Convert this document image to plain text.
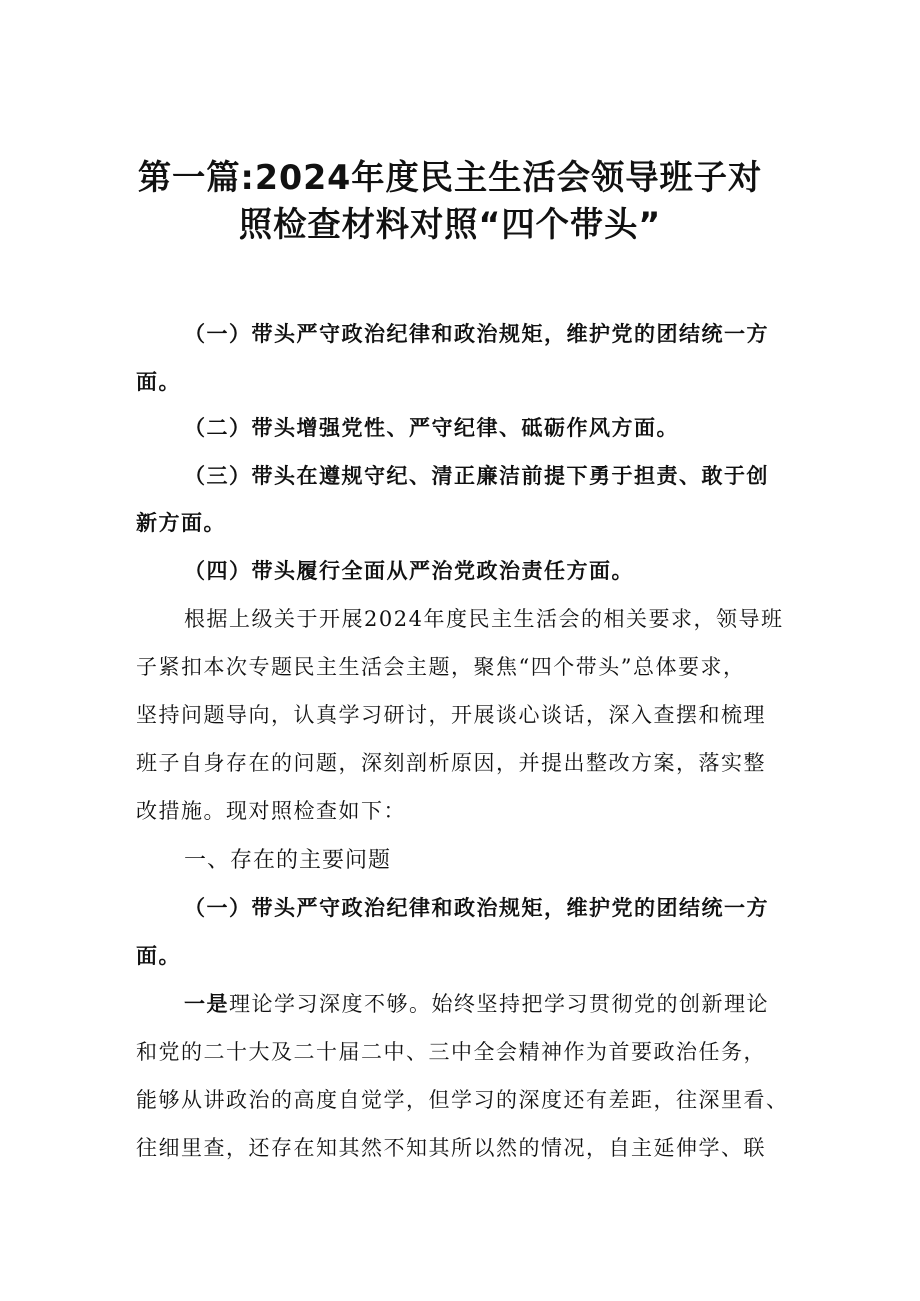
第一篇:2024年度民主生活会领导班子对
照检查材料对照“四个带头”
（一）带头严守政治纪律和政治规矩，维护党的团结统一方
面。
（二）带头增强党性、严守纪律、砥砺作风方面。
（三）带头在遵规守纪、清正廉洁前提下勇于担责、敢于创
新方面。
（四）带头履行全面从严治党政治责任方面。
根据上级关于开展2024年度民主生活会的相关要求，领导班
子紧扣本次专题民主生活会主题，聚焦“四个带头”总体要求，
坚持问题导向，认真学习研讨，开展谈心谈话，深入查摆和梳理
班子自身存在的问题，深刻剖析原因，并提出整改方案，落实整
改措施。现对照检查如下：
一、存在的主要问题
（一）带头严守政治纪律和政治规矩，维护党的团结统一方
面。
一是理论学习深度不够。始终坚持把学习贯彻党的创新理论
和党的二十大及二十届二中、三中全会精神作为首要政治任务，
能够从讲政治的高度自觉学，但学习的深度还有差距，往深里看、
往细里查，还存在知其然不知其所以然的情况，自主延伸学、联
